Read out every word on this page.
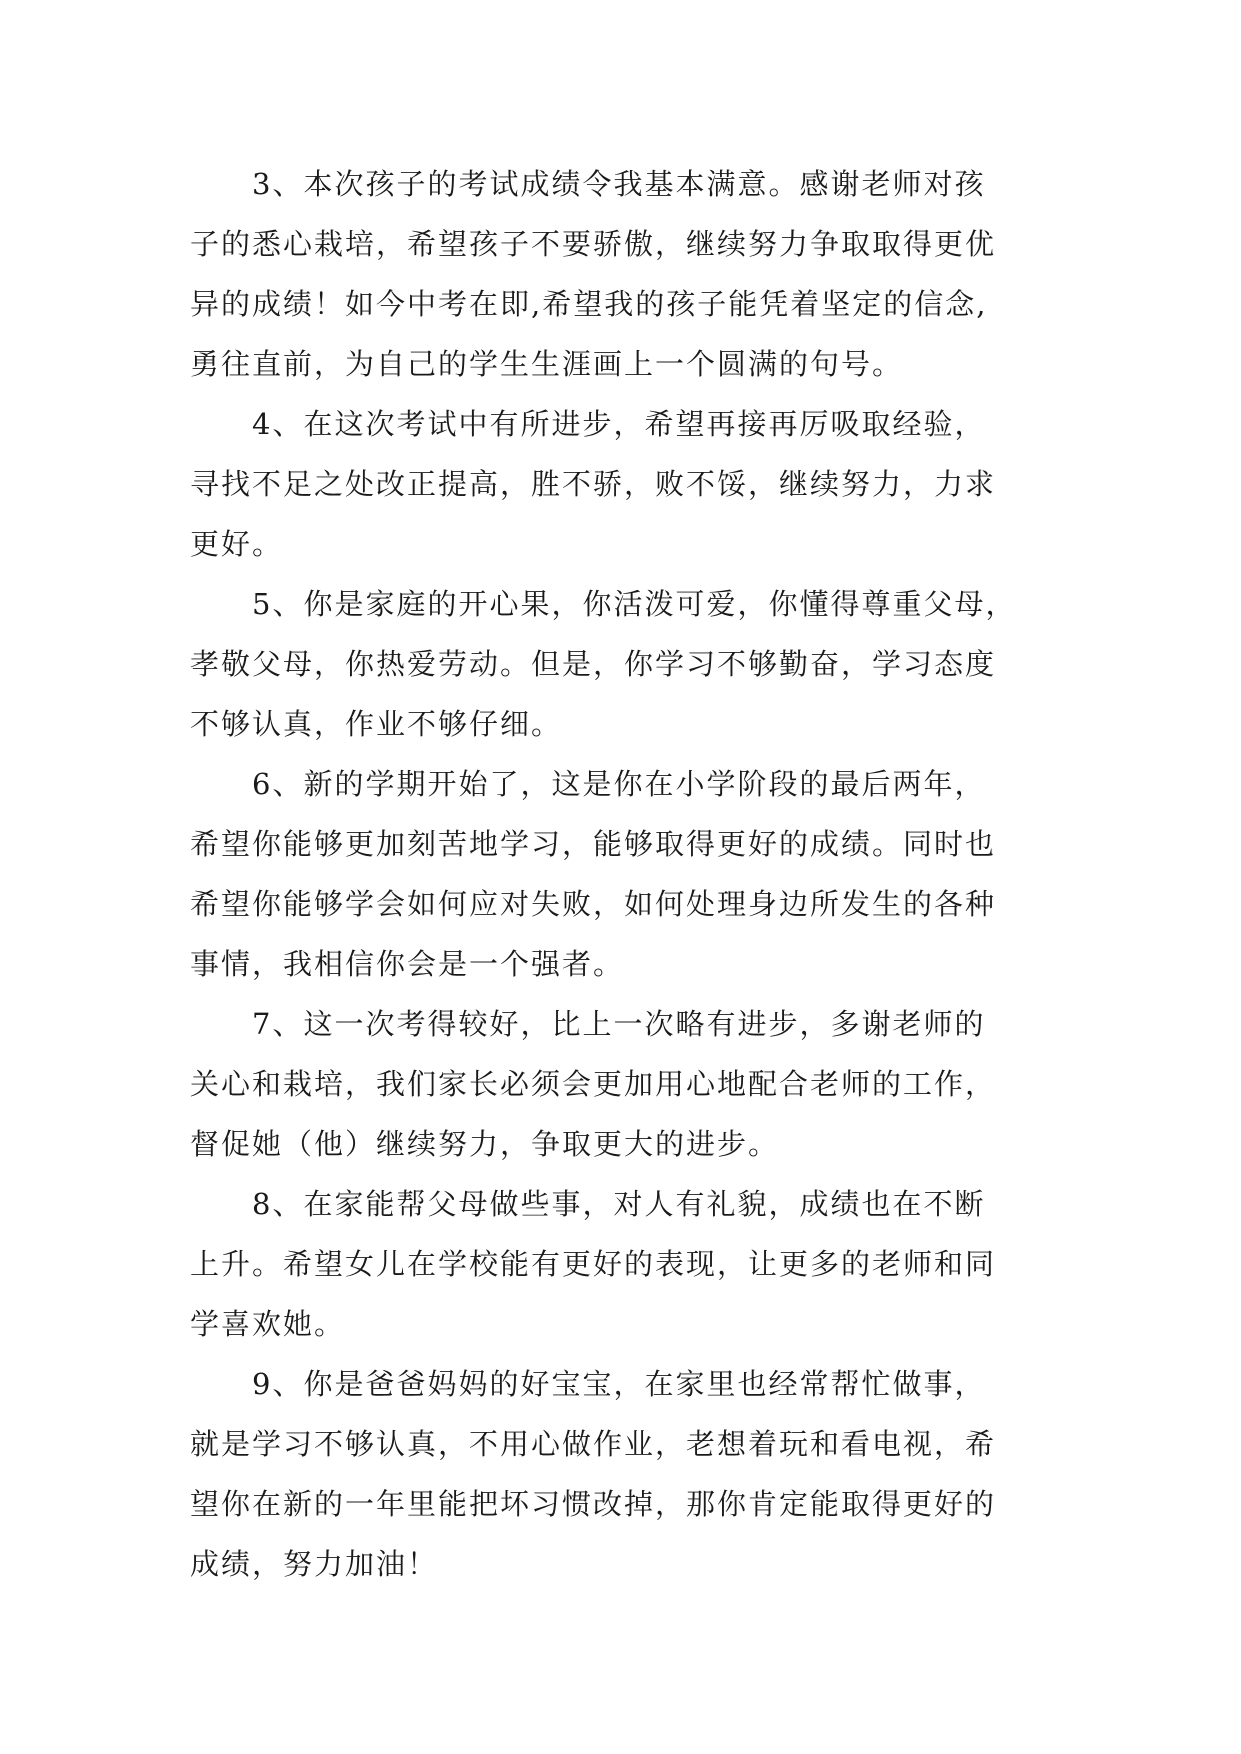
3、本次孩子的考试成绩令我基本满意。感谢老师对孩
子的悉心栽培，希望孩子不要骄傲，继续努力争取取得更优
异的成绩！如今中考在即,希望我的孩子能凭着坚定的信念,
勇往直前，为自己的学生生涯画上一个圆满的句号。
4、在这次考试中有所进步，希望再接再厉吸取经验，
寻找不足之处改正提高，胜不骄，败不馁，继续努力，力求
更好。
5、你是家庭的开心果，你活泼可爱，你懂得尊重父母，
孝敬父母，你热爱劳动。但是，你学习不够勤奋，学习态度
不够认真，作业不够仔细。
6、新的学期开始了，这是你在小学阶段的最后两年，
希望你能够更加刻苦地学习，能够取得更好的成绩。同时也
希望你能够学会如何应对失败，如何处理身边所发生的各种
事情，我相信你会是一个强者。
7、这一次考得较好，比上一次略有进步，多谢老师的
关心和栽培，我们家长必须会更加用心地配合老师的工作，
督促她（他）继续努力，争取更大的进步。
8、在家能帮父母做些事，对人有礼貌，成绩也在不断
上升。希望女儿在学校能有更好的表现，让更多的老师和同
学喜欢她。
9、你是爸爸妈妈的好宝宝，在家里也经常帮忙做事，
就是学习不够认真，不用心做作业，老想着玩和看电视，希
望你在新的一年里能把坏习惯改掉，那你肯定能取得更好的
成绩，努力加油！
